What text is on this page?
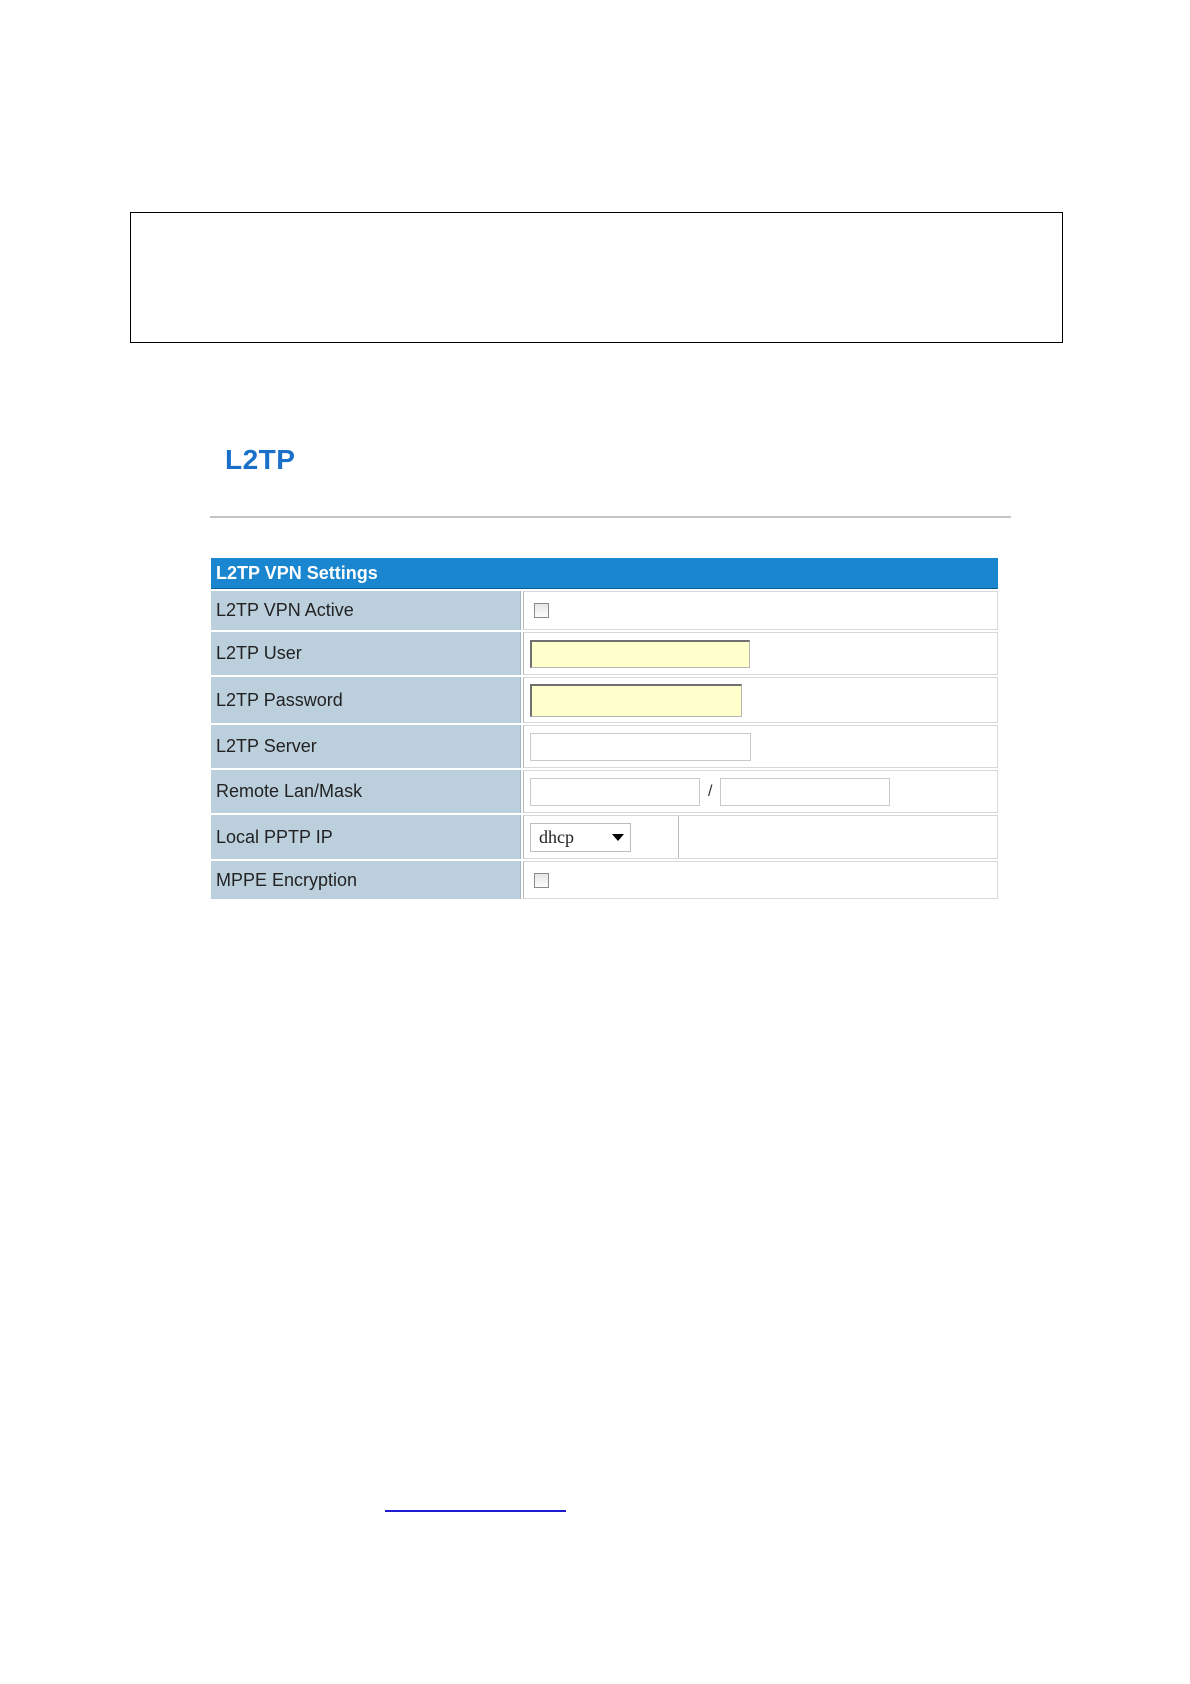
L2TP
L2TP VPN Settings
L2TP VPN Active
L2TP User
L2TP Password
L2TP Server
Remote Lan/Mask	/
Local PPTP IP	dhcp
MPPE Encryption
